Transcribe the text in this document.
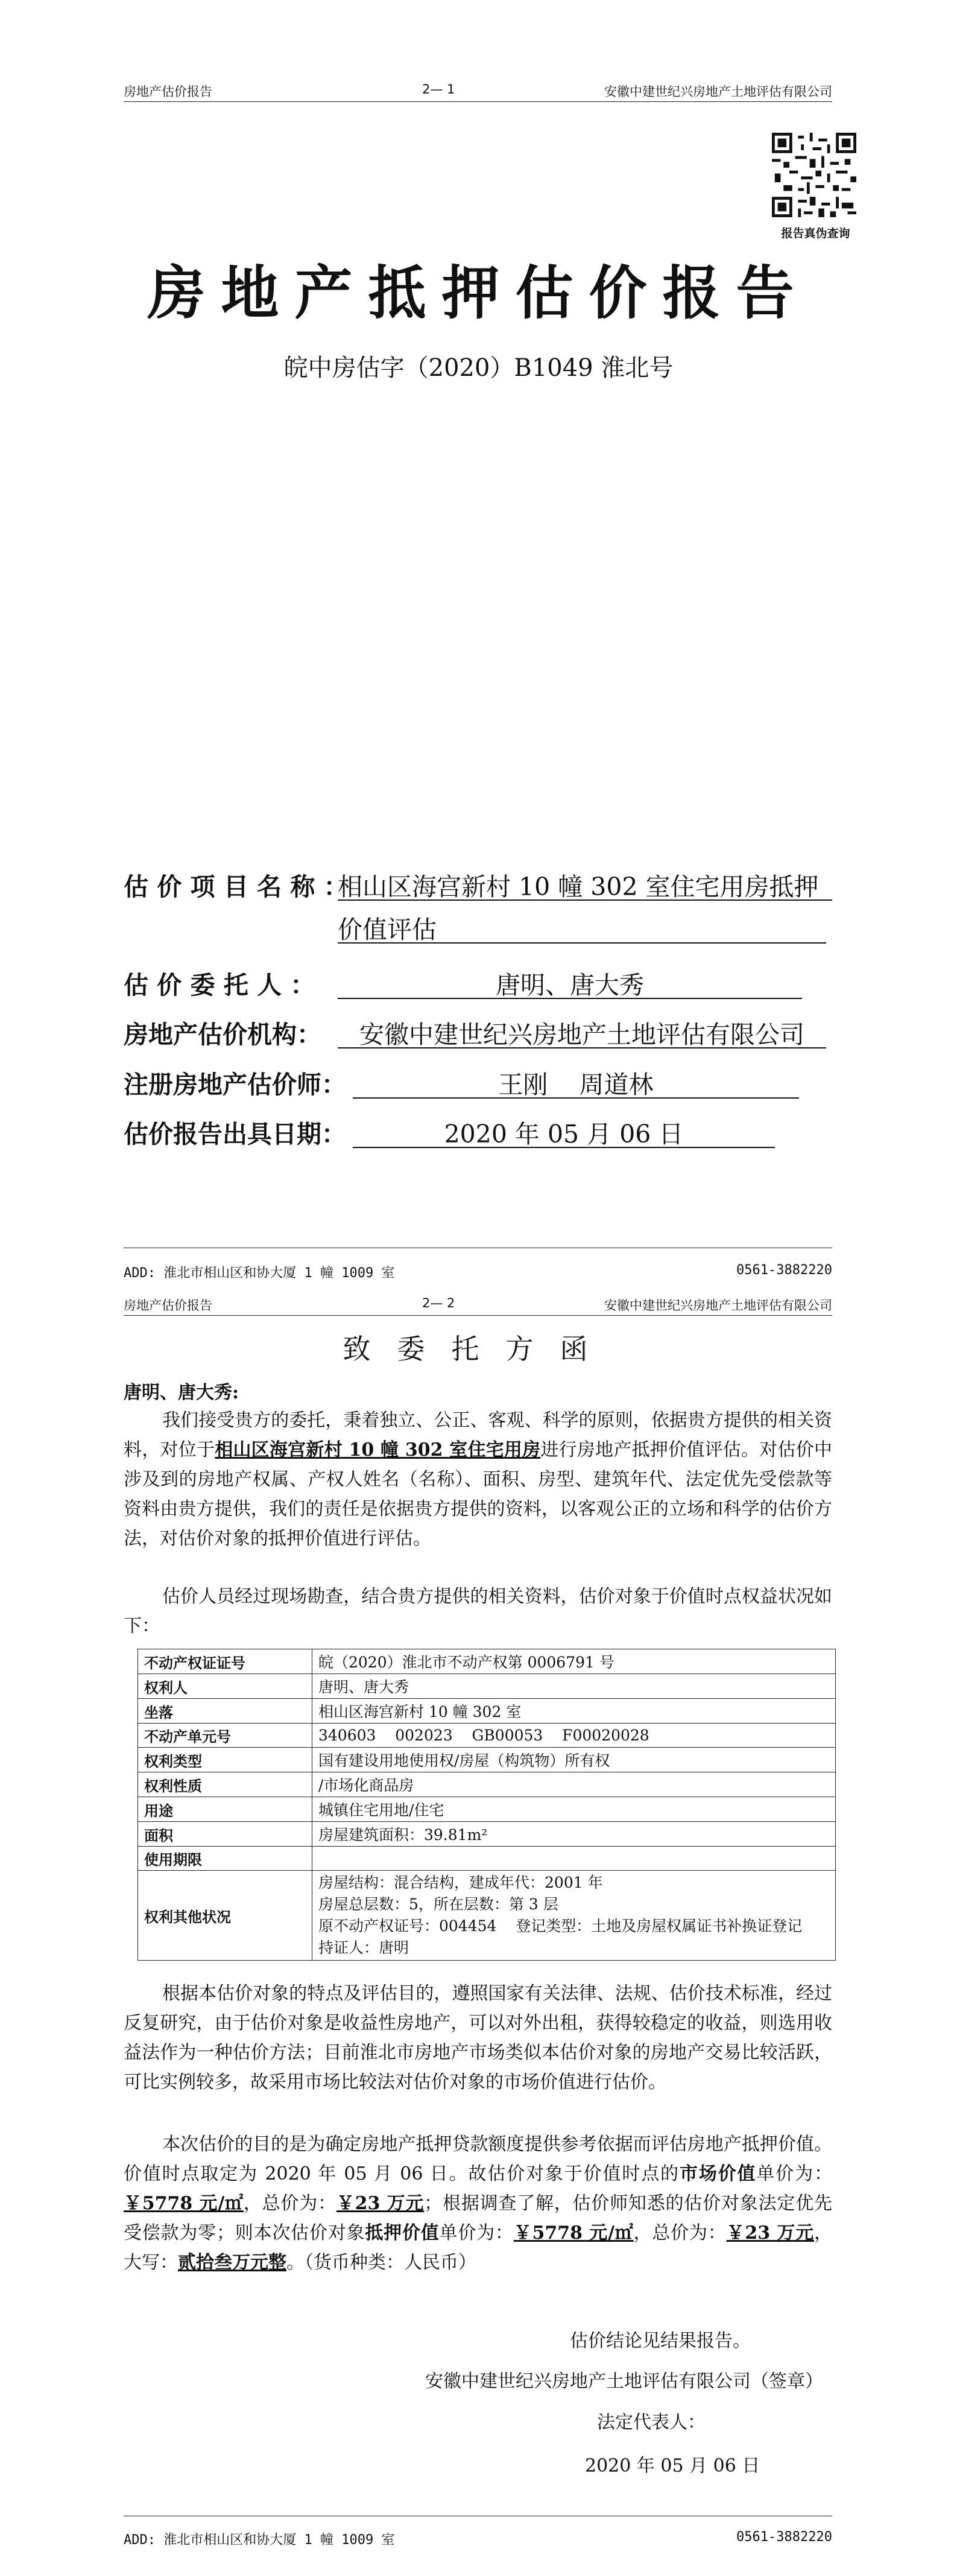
房地产估价报告	2— 1	安徽中建世纪兴房地产土地评估有限公司
报告真伪查询
房地产抵押估价报告
皖中房估字（2020）B1049 淮北号
估 价 项 目 名 称 ：
相山区海宫新村 10 幢 302 室住宅用房抵押
价值评估
估 价 委 托 人 ：	唐明、唐大秀
房地产估价机构：	安徽中建世纪兴房地产土地评估有限公司
注册房地产估价师：	王刚    周道林
估价报告出具日期：	2020 年 05 月 06 日
ADD: 淮北市相山区和协大厦 1 幢 1009 室	0561-3882220
房地产估价报告	2— 2	安徽中建世纪兴房地产土地评估有限公司
致委托方函
唐明、唐大秀:
我们接受贵方的委托，秉着独立、公正、客观、科学的原则，依据贵方提供的相关资料，对位于相山区海宫新村 10 幢 302 室住宅用房进行房地产抵押价值评估。对估价中涉及到的房地产权属、产权人姓名（名称）、面积、房型、建筑年代、法定优先受偿款等资料由贵方提供，我们的责任是依据贵方提供的资料，以客观公正的立场和科学的估价方法，对估价对象的抵押价值进行评估。
估价人员经过现场勘查，结合贵方提供的相关资料，估价对象于价值时点权益状况如下：
不动产权证证号	皖（2020）淮北市不动产权第 0006791 号
权利人	唐明、唐大秀
坐落	相山区海宫新村 10 幢 302 室
不动产单元号	340603    002023    GB00053    F00020028
权利类型	国有建设用地使用权/房屋（构筑物）所有权
权利性质	/市场化商品房
用途	城镇住宅用地/住宅
面积	房屋建筑面积：39.81m²
使用期限	
权利其他状况	房屋结构：混合结构，建成年代：2001 年
房屋总层数：5，所在层数：第 3 层
原不动产权证号：004454    登记类型：土地及房屋权属证书补换证登记
持证人：唐明
根据本估价对象的特点及评估目的，遵照国家有关法律、法规、估价技术标准，经过反复研究，由于估价对象是收益性房地产，可以对外出租，获得较稳定的收益，则选用收益法作为一种估价方法；目前淮北市房地产市场类似本估价对象的房地产交易比较活跃，可比实例较多，故采用市场比较法对估价对象的市场价值进行估价。
本次估价的目的是为确定房地产抵押贷款额度提供参考依据而评估房地产抵押价值。价值时点取定为 2020 年 05 月 06 日。故估价对象于价值时点的市场价值单价为：￥5778 元/㎡，总价为：￥23 万元；根据调查了解，估价师知悉的估价对象法定优先受偿款为零；则本次估价对象抵押价值单价为：￥5778 元/㎡，总价为：￥23 万元，大写：贰拾叁万元整。（货币种类：人民币）
估价结论见结果报告。
安徽中建世纪兴房地产土地评估有限公司（签章）
法定代表人：
2020 年 05 月 06 日
ADD: 淮北市相山区和协大厦 1 幢 1009 室	0561-3882220
